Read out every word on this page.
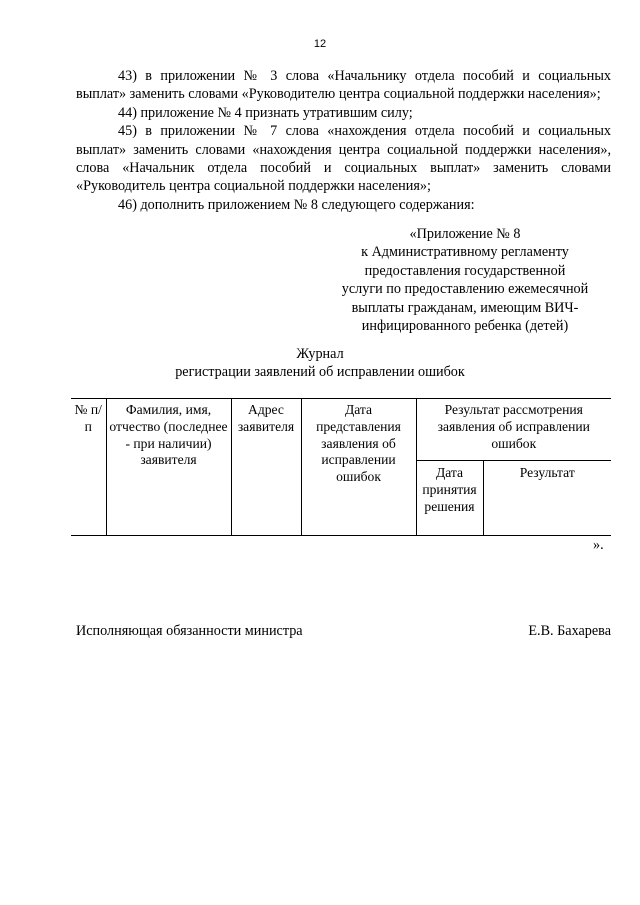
12

43) в приложении № 3 слова «Начальнику отдела пособий и социальных выплат» заменить словами «Руководителю центра социальной поддержки населения»;

44) приложение № 4 признать утратившим силу;

45) в приложении № 7 слова «нахождения отдела пособий и социальных выплат» заменить словами «нахождения центра социальной поддержки населения», слова «Начальник отдела пособий и социальных выплат» заменить словами «Руководитель центра социальной поддержки населения»;

46) дополнить приложением № 8 следующего содержания:

«Приложение № 8
к Административному регламенту
предоставления государственной
услуги по предоставлению ежемесячной
выплаты гражданам, имеющим ВИЧ-
инфицированного ребенка (детей)
Журнал
регистрации заявлений об исправлении ошибок
№ п/п	Фамилия, имя, отчество (последнее - при наличии) заявителя	Адрес заявителя	Дата представления заявления об исправлении ошибок	Результат рассмотрения заявления об исправлении ошибок	
				Дата принятия решения	Результат
».
Исполняющая обязанности министра	Е.В. Бахарева
